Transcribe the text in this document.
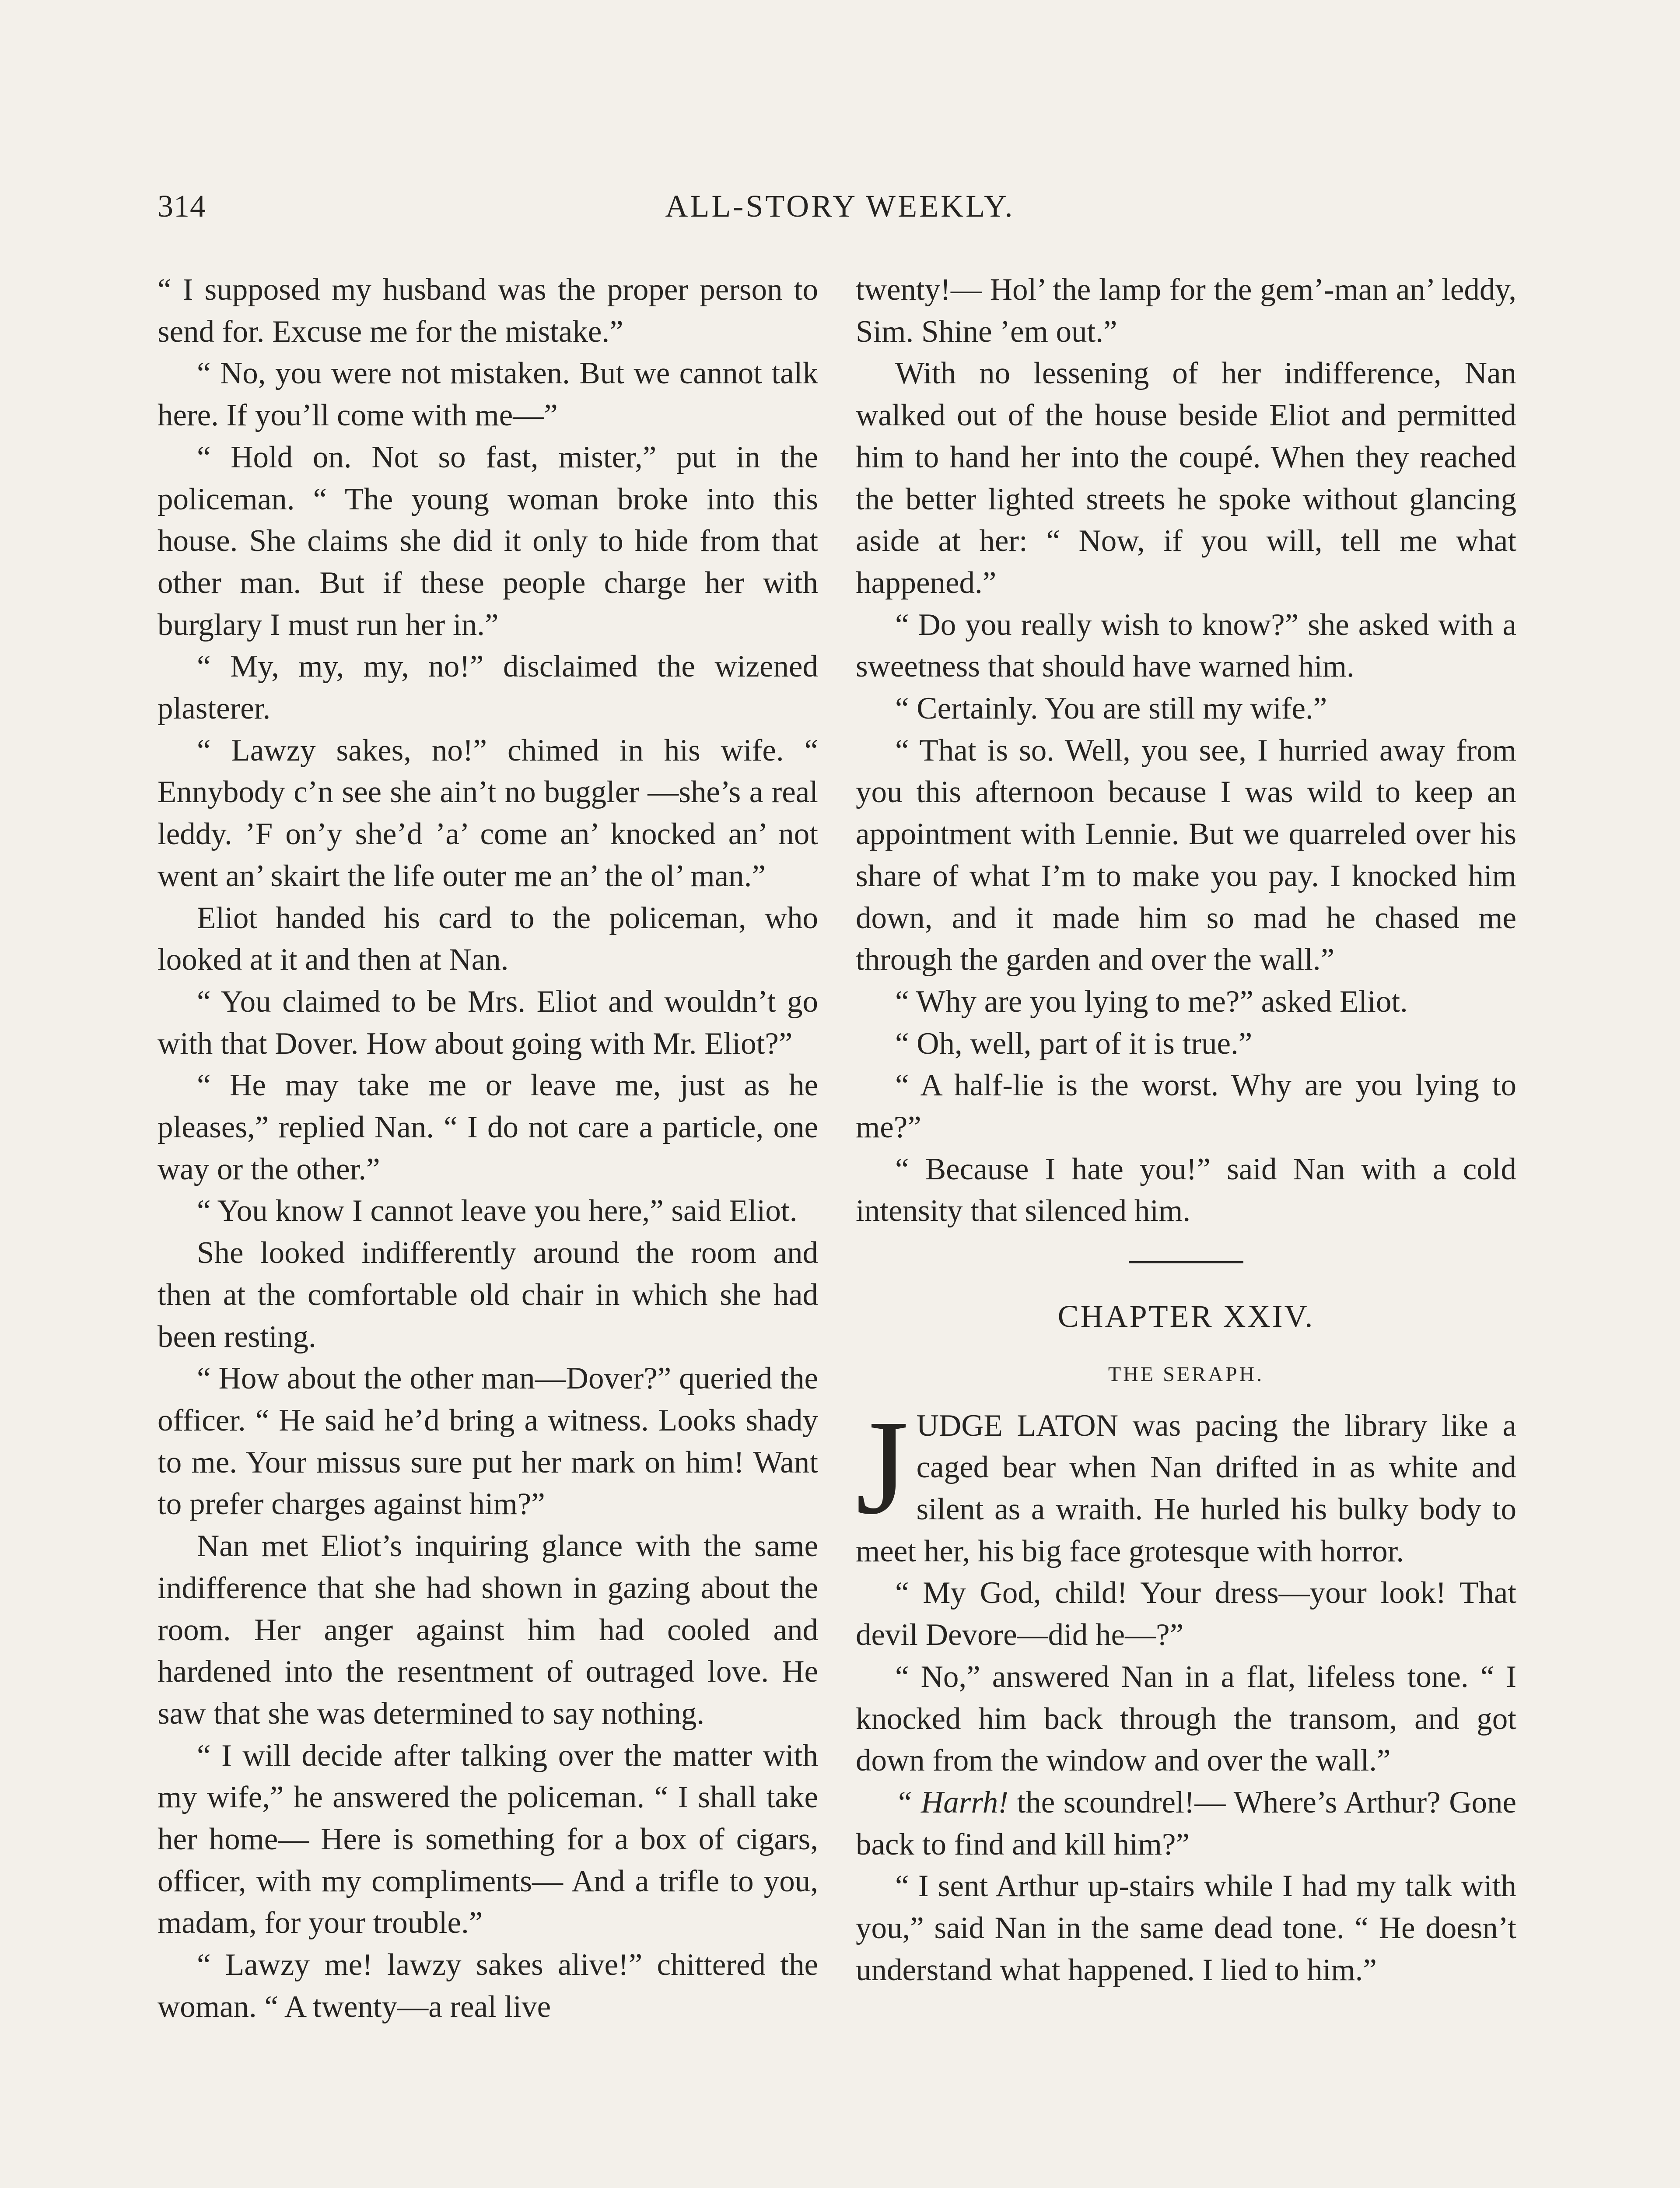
314	ALL-STORY WEEKLY.

“ I supposed my husband was the proper person to send for. Excuse me for the mistake.”

“ No, you were not mistaken. But we cannot talk here. If you’ll come with me—”

“ Hold on. Not so fast, mister,” put in the policeman. “ The young woman broke into this house. She claims she did it only to hide from that other man. But if these people charge her with burglary I must run her in.”

“ My, my, my, no!” disclaimed the wizened plasterer.

“ Lawzy sakes, no!” chimed in his wife. “ Ennybody c’n see she ain’t no buggler —she’s a real leddy. ’F on’y she’d ’a’ come an’ knocked an’ not went an’ skairt the life outer me an’ the ol’ man.”

Eliot handed his card to the policeman, who looked at it and then at Nan.

“ You claimed to be Mrs. Eliot and wouldn’t go with that Dover. How about going with Mr. Eliot?”

“ He may take me or leave me, just as he pleases,” replied Nan. “ I do not care a particle, one way or the other.”

“ You know I cannot leave you here,” said Eliot.

She looked indifferently around the room and then at the comfortable old chair in which she had been resting.

“ How about the other man—Dover?” queried the officer. “ He said he’d bring a witness. Looks shady to me. Your missus sure put her mark on him! Want to prefer charges against him?”

Nan met Eliot’s inquiring glance with the same indifference that she had shown in gazing about the room. Her anger against him had cooled and hardened into the resentment of outraged love. He saw that she was determined to say nothing.

“ I will decide after talking over the matter with my wife,” he answered the policeman. “ I shall take her home— Here is something for a box of cigars, officer, with my compliments— And a trifle to you, madam, for your trouble.”

“ Lawzy me! lawzy sakes alive!” chittered the woman. “ A twenty—a real live

twenty!— Hol’ the lamp for the gem’-man an’ leddy, Sim. Shine ’em out.”

With no lessening of her indifference, Nan walked out of the house beside Eliot and permitted him to hand her into the coupé. When they reached the better lighted streets he spoke without glancing aside at her: “ Now, if you will, tell me what happened.”

“ Do you really wish to know?” she asked with a sweetness that should have warned him.

“ Certainly. You are still my wife.”

“ That is so. Well, you see, I hurried away from you this afternoon because I was wild to keep an appointment with Lennie. But we quarreled over his share of what I’m to make you pay. I knocked him down, and it made him so mad he chased me through the garden and over the wall.”

“ Why are you lying to me?” asked Eliot.

“ Oh, well, part of it is true.”

“ A half-lie is the worst. Why are you lying to me?”

“ Because I hate you!” said Nan with a cold intensity that silenced him.

CHAPTER XXIV.

THE SERAPH.

JUDGE LATON was pacing the library like a caged bear when Nan drifted in as white and silent as a wraith. He hurled his bulky body to meet her, his big face grotesque with horror.

“ My God, child! Your dress—your look! That devil Devore—did he—?”

“ No,” answered Nan in a flat, lifeless tone. “ I knocked him back through the transom, and got down from the window and over the wall.”

“ Harrh! the scoundrel!— Where’s Arthur? Gone back to find and kill him?”

“ I sent Arthur up-stairs while I had my talk with you,” said Nan in the same dead tone. “ He doesn’t understand what happened. I lied to him.”
